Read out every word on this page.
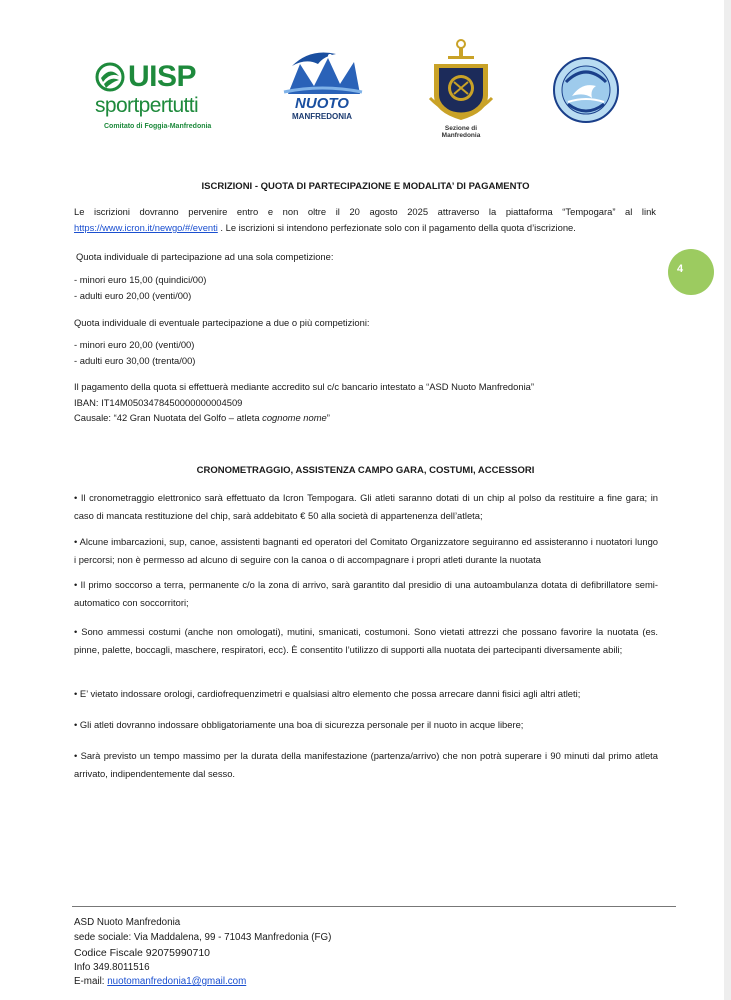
UISP
sportpertutti
Comitato di Foggia-Manfredonia
NUOTO
MANFREDONIA
Sezione di Manfredonia
ISCRIZIONI - QUOTA DI PARTECIPAZIONE E MODALITA’ DI PAGAMENTO

Le iscrizioni dovranno pervenire entro e non oltre il 20 agosto 2025 attraverso la piattaforma “Tempogara” al link https://www.icron.it/newgo/#/eventi . Le iscrizioni si intendono perfezionate solo con il pagamento della quota d’iscrizione.

Quota individuale di partecipazione ad una sola competizione:

- minori euro 15,00 (quindici/00)

- adulti euro 20,00 (venti/00)

Quota individuale di eventuale partecipazione a due o più competizioni:

- minori euro 20,00 (venti/00)

- adulti euro 30,00 (trenta/00)

Il pagamento della quota si effettuerà mediante accredito sul c/c bancario intestato a “ASD Nuoto Manfredonia”

IBAN: IT14M0503478450000000004509

Causale: “42 Gran Nuotata del Golfo – atleta cognome nome”

4
CRONOMETRAGGIO, ASSISTENZA CAMPO GARA, COSTUMI, ACCESSORI

• Il cronometraggio elettronico sarà effettuato da Icron Tempogara. Gli atleti saranno dotati di un chip al polso da restituire a fine gara; in caso di mancata restituzione del chip, sarà addebitato € 50 alla società di appartenenza dell’atleta;

• Alcune imbarcazioni, sup, canoe, assistenti bagnanti ed operatori del Comitato Organizzatore seguiranno ed assisteranno i nuotatori lungo i percorsi; non è permesso ad alcuno di seguire con la canoa o di accompagnare i propri atleti durante la nuotata

• Il primo soccorso a terra, permanente c/o la zona di arrivo, sarà garantito dal presidio di una autoambulanza dotata di defibrillatore semi-automatico con soccorritori;

• Sono ammessi costumi (anche non omologati), mutini, smanicati, costumoni. Sono vietati attrezzi che possano favorire la nuotata (es. pinne, palette, boccagli, maschere, respiratori, ecc). È consentito l’utilizzo di supporti alla nuotata dei partecipanti diversamente abili;

• E’ vietato indossare orologi, cardiofrequenzimetri e qualsiasi altro elemento che possa arrecare danni fisici agli altri atleti;

• Gli atleti dovranno indossare obbligatoriamente una boa di sicurezza personale per il nuoto in acque libere;

• Sarà previsto un tempo massimo per la durata della manifestazione (partenza/arrivo) che non potrà superare i 90 minuti dal primo atleta arrivato, indipendentemente dal sesso.

ASD Nuoto Manfredonia

sede sociale: Via Maddalena, 99 - 71043 Manfredonia (FG)

Codice Fiscale 92075990710

Info 349.8011516

E-mail: nuotomanfredonia1@gmail.com
